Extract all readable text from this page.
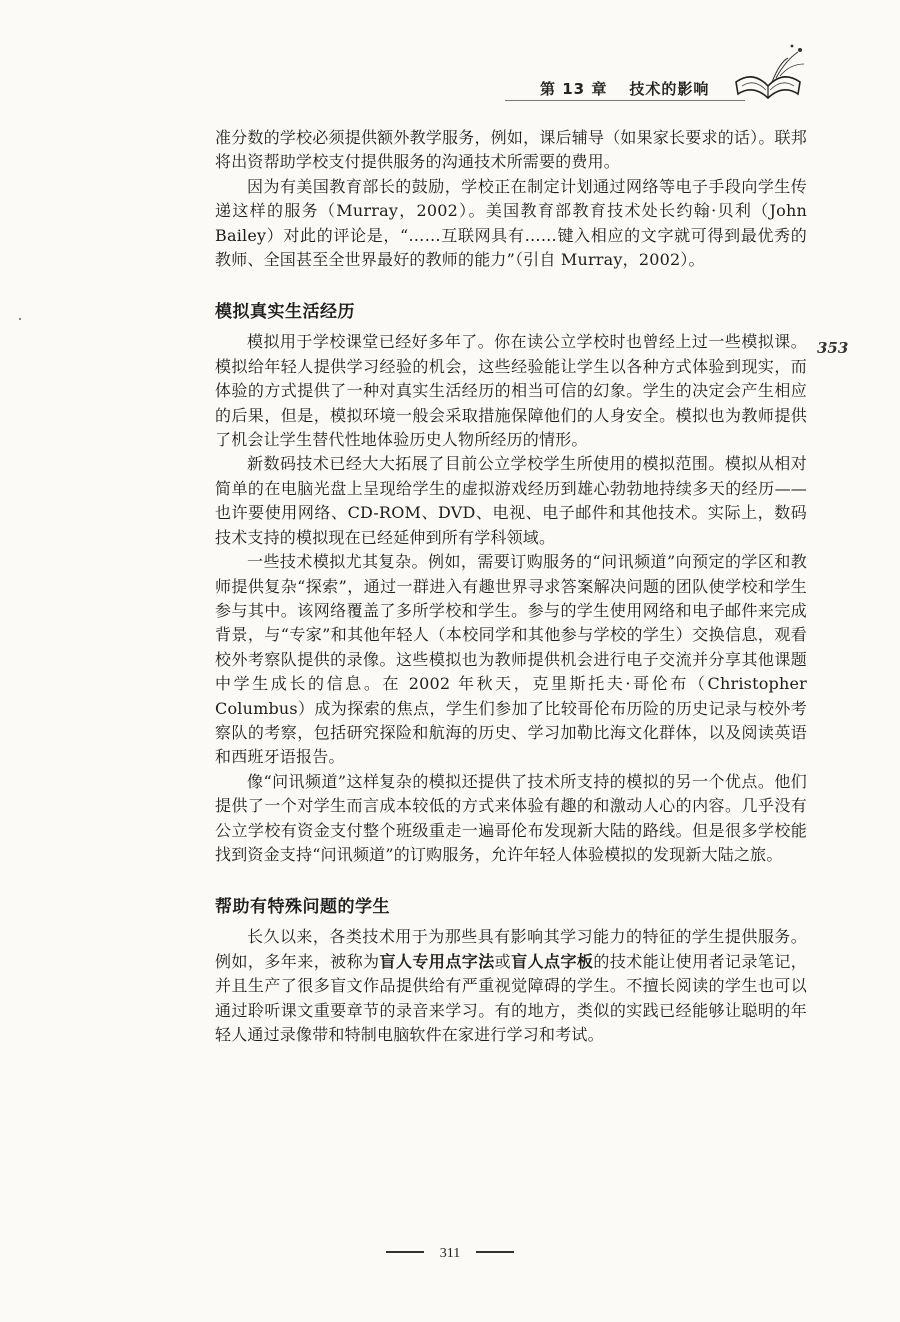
第 13 章 技术的影响
353

准分数的学校必须提供额外教学服务，例如，课后辅导（如果家长要求的话）。联邦将出资帮助学校支付提供服务的沟通技术所需要的费用。

因为有美国教育部长的鼓励，学校正在制定计划通过网络等电子手段向学生传递这样的服务（Murray，2002）。美国教育部教育技术处长约翰·贝利（John Bailey）对此的评论是，“……互联网具有……键入相应的文字就可得到最优秀的教师、全国甚至全世界最好的教师的能力”（引自 Murray，2002）。

模拟真实生活经历

模拟用于学校课堂已经好多年了。你在读公立学校时也曾经上过一些模拟课。模拟给年轻人提供学习经验的机会，这些经验能让学生以各种方式体验到现实，而体验的方式提供了一种对真实生活经历的相当可信的幻象。学生的决定会产生相应的后果，但是，模拟环境一般会采取措施保障他们的人身安全。模拟也为教师提供了机会让学生替代性地体验历史人物所经历的情形。

新数码技术已经大大拓展了目前公立学校学生所使用的模拟范围。模拟从相对简单的在电脑光盘上呈现给学生的虚拟游戏经历到雄心勃勃地持续多天的经历——也许要使用网络、CD-ROM、DVD、电视、电子邮件和其他技术。实际上，数码技术支持的模拟现在已经延伸到所有学科领域。

一些技术模拟尤其复杂。例如，需要订购服务的“问讯频道”向预定的学区和教师提供复杂“探索”，通过一群进入有趣世界寻求答案解决问题的团队使学校和学生参与其中。该网络覆盖了多所学校和学生。参与的学生使用网络和电子邮件来完成背景，与“专家”和其他年轻人（本校同学和其他参与学校的学生）交换信息，观看校外考察队提供的录像。这些模拟也为教师提供机会进行电子交流并分享其他课题中学生成长的信息。在 2002 年秋天，克里斯托夫·哥伦布（Christopher Columbus）成为探索的焦点，学生们参加了比较哥伦布历险的历史记录与校外考察队的考察，包括研究探险和航海的历史、学习加勒比海文化群体，以及阅读英语和西班牙语报告。

像“问讯频道”这样复杂的模拟还提供了技术所支持的模拟的另一个优点。他们提供了一个对学生而言成本较低的方式来体验有趣的和激动人心的内容。几乎没有公立学校有资金支付整个班级重走一遍哥伦布发现新大陆的路线。但是很多学校能找到资金支持“问讯频道”的订购服务，允许年轻人体验模拟的发现新大陆之旅。

帮助有特殊问题的学生

长久以来，各类技术用于为那些具有影响其学习能力的特征的学生提供服务。例如，多年来，被称为盲人专用点字法或盲人点字板的技术能让使用者记录笔记，并且生产了很多盲文作品提供给有严重视觉障碍的学生。不擅长阅读的学生也可以通过聆听课文重要章节的录音来学习。有的地方，类似的实践已经能够让聪明的年轻人通过录像带和特制电脑软件在家进行学习和考试。

311
